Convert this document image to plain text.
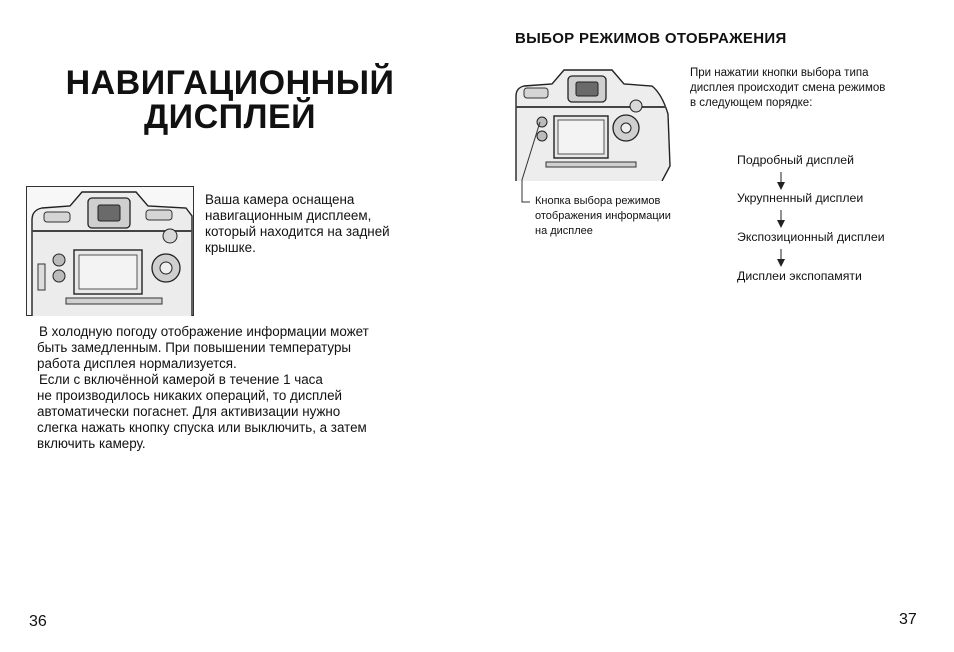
НАВИГАЦИОННЫЙ
ДИСПЛЕЙ
Ваша камера оснащена
навигационным дисплеем,
который находится на задней
крышке.
В холодную погоду отображение информации может
быть замедленным. При повышении температуры
работа дисплея нормализуется.
Если с включённой камерой в течение 1 часа
не производилось никаких операций, то дисплей
автоматически погаснет. Для активизации нужно
слегка нажать кнопку спуска или выключить, а затем
включить камеру.
36
ВЫБОР РЕЖИМОВ ОТОБРАЖЕНИЯ
При нажатии кнопки выбора типа
дисплея происходит смена режимов
в следующем порядке:
Кнопка выбора режимов
отображения информации
на дисплее
Подробный дисплей
Укрупненный дисплеи
Экспозиционный дисплеи
Дисплеи экспопамяти
37
